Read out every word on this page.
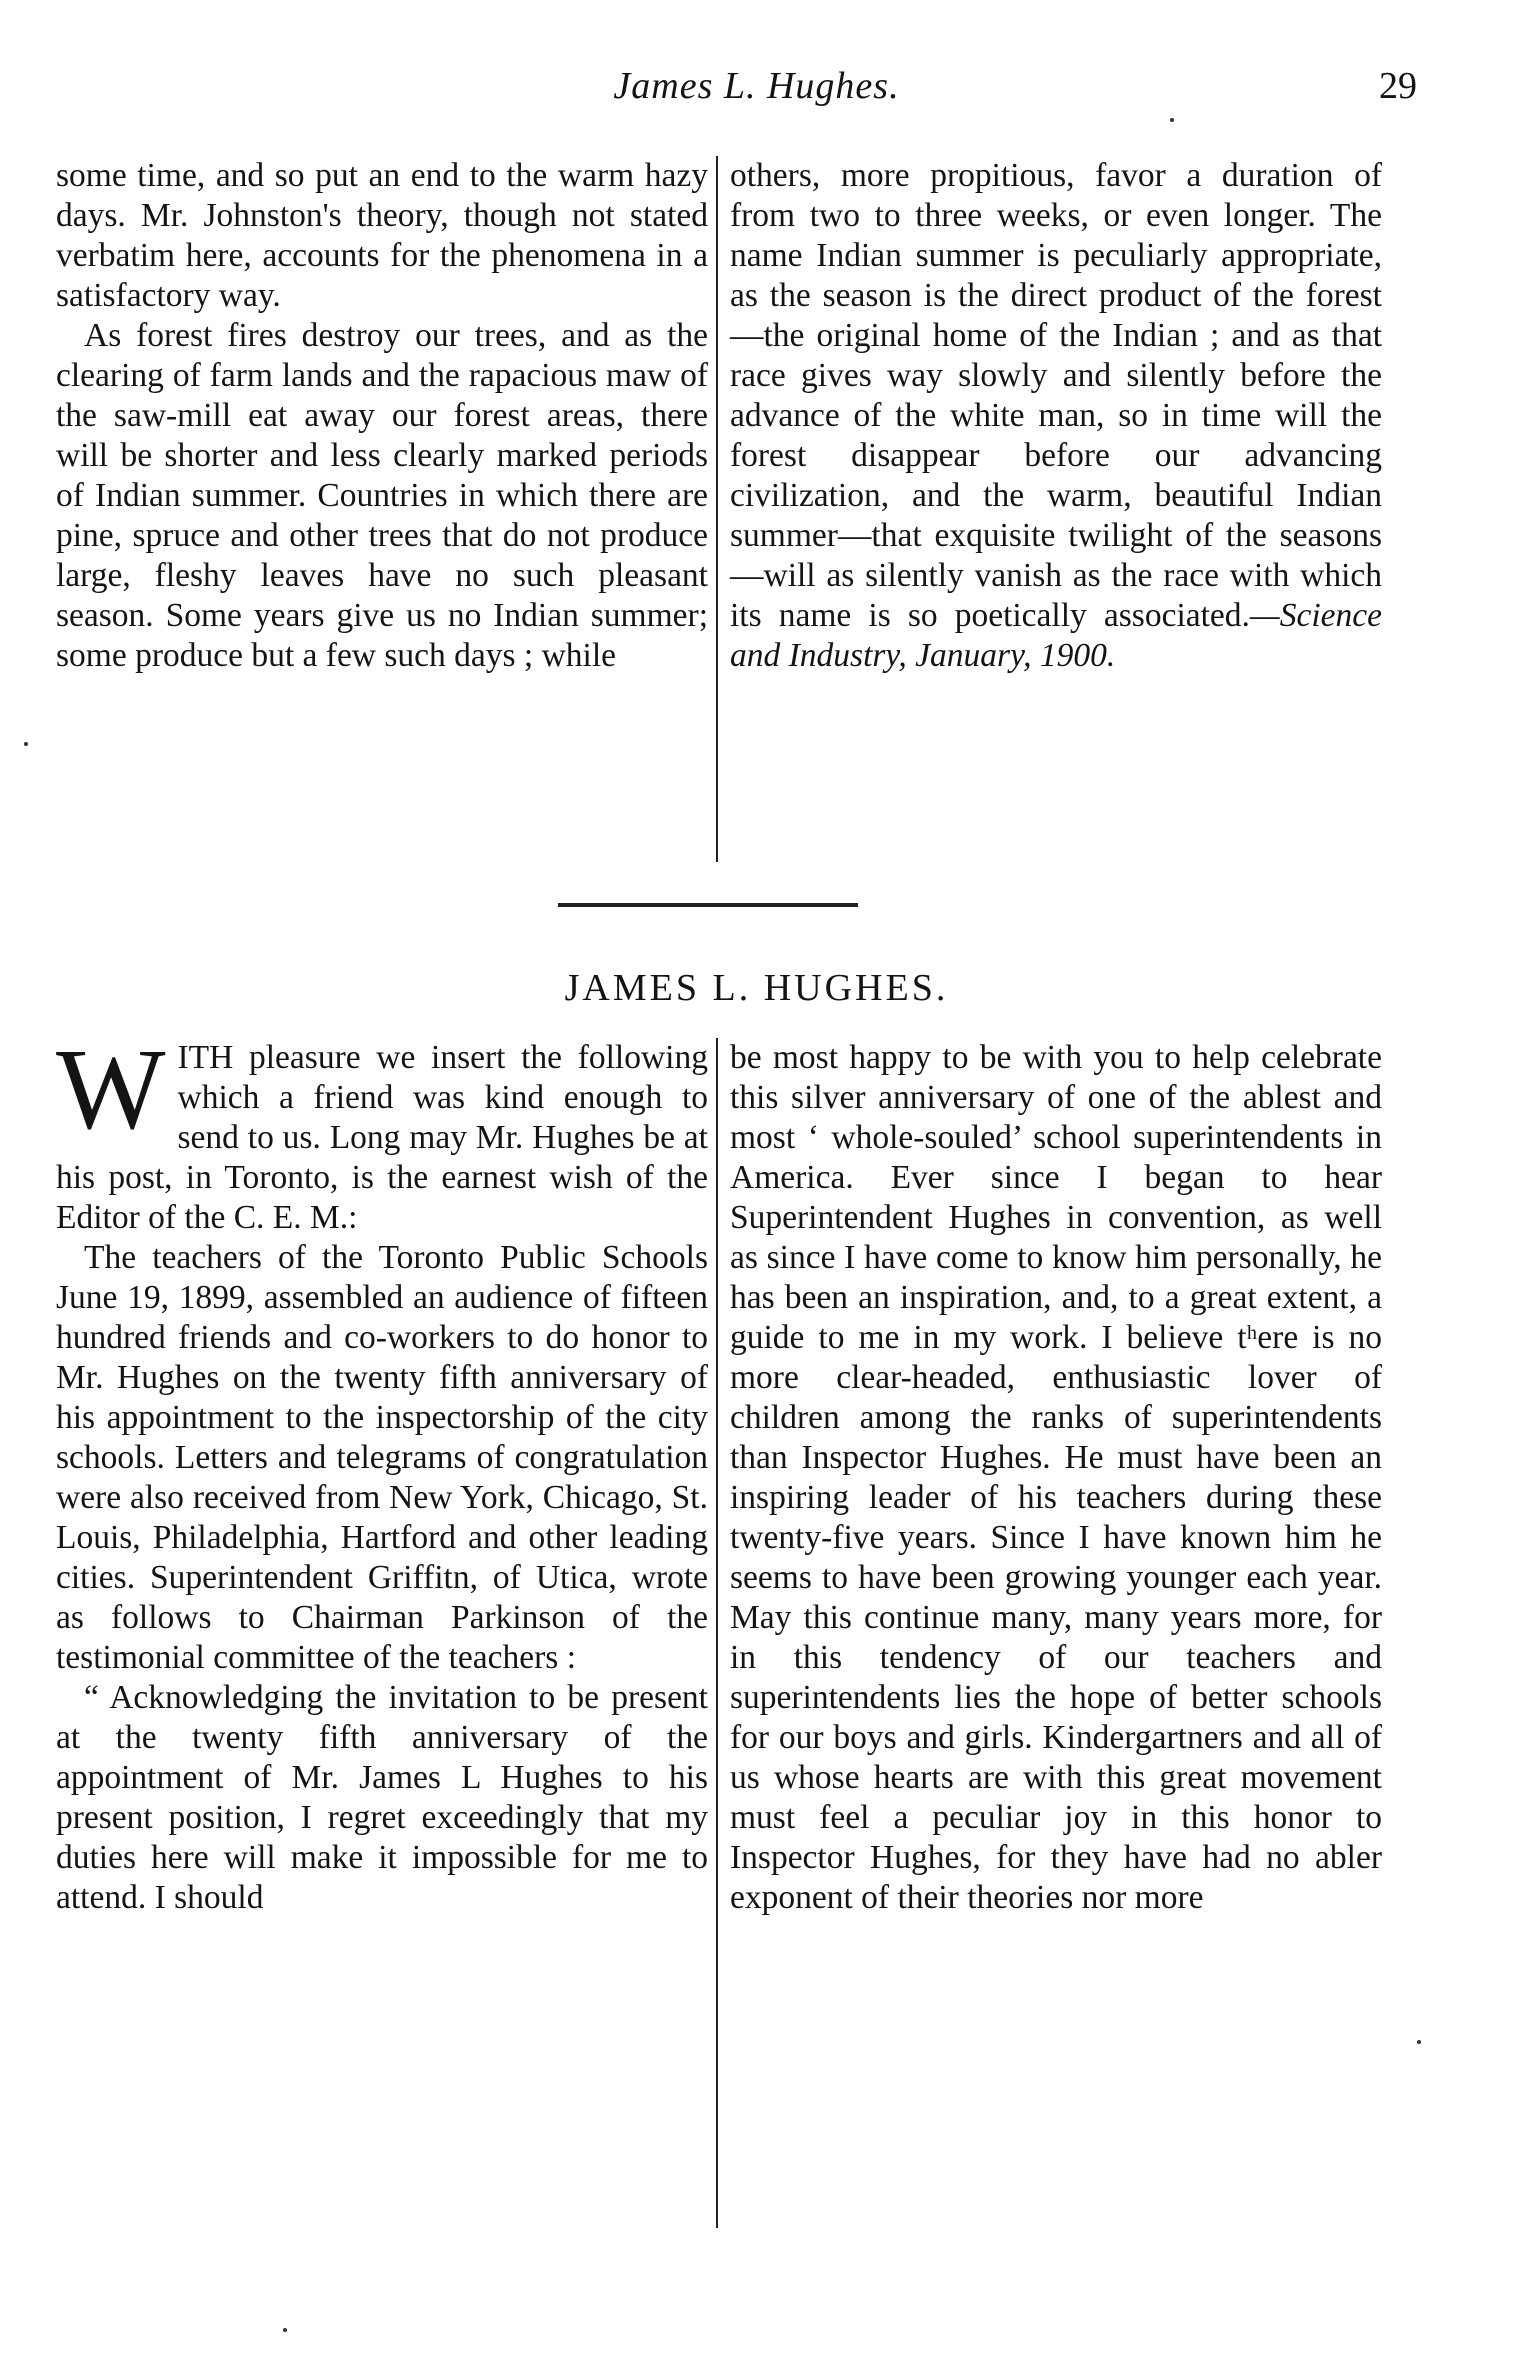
James L. Hughes.	29

some time, and so put an end to the warm hazy days. Mr. Johnston's theory, though not stated verbatim here, accounts for the phenomena in a satisfactory way.

As forest fires destroy our trees, and as the clearing of farm lands and the rapacious maw of the saw-mill eat away our forest areas, there will be shorter and less clearly marked periods of Indian summer. Countries in which there are pine, spruce and other trees that do not produce large, fleshy leaves have no such pleasant season. Some years give us no Indian summer; some produce but a few such days ; while

others, more propitious, favor a duration of from two to three weeks, or even longer. The name Indian summer is peculiarly appropriate, as the season is the direct product of the forest—the original home of the Indian ; and as that race gives way slowly and silently before the advance of the white man, so in time will the forest disappear before our advancing civilization, and the warm, beautiful Indian summer—that exquisite twilight of the seasons —will as silently vanish as the race with which its name is so poetically associated.—Science and Industry, January, 1900.

JAMES L. HUGHES.

WITH pleasure we insert the following which a friend was kind enough to send to us. Long may Mr. Hughes be at his post, in Toronto, is the earnest wish of the Editor of the C. E. M.:

The teachers of the Toronto Public Schools June 19, 1899, assembled an audience of fifteen hundred friends and co-workers to do honor to Mr. Hughes on the twenty fifth anniversary of his appointment to the inspectorship of the city schools. Letters and telegrams of congratulation were also received from New York, Chicago, St. Louis, Philadelphia, Hartford and other leading cities. Superintendent Griffitn, of Utica, wrote as follows to Chairman Parkinson of the testimonial committee of the teachers :

“ Acknowledging the invitation to be present at the twenty fifth anniversary of the appointment of Mr. James L Hughes to his present position, I regret exceedingly that my duties here will make it impossible for me to attend. I should

be most happy to be with you to help celebrate this silver anniversary of one of the ablest and most ‘ whole-souled’ school superintendents in America. Ever since I began to hear Superintendent Hughes in convention, as well as since I have come to know him personally, he has been an inspiration, and, to a great extent, a guide to me in my work. I believe tʰere is no more clear-headed, enthusiastic lover of children among the ranks of superintendents than Inspector Hughes. He must have been an inspiring leader of his teachers during these twenty-five years. Since I have known him he seems to have been growing younger each year. May this continue many, many years more, for in this tendency of our teachers and superintendents lies the hope of better schools for our boys and girls. Kindergartners and all of us whose hearts are with this great movement must feel a peculiar joy in this honor to Inspector Hughes, for they have had no abler exponent of their theories nor more
